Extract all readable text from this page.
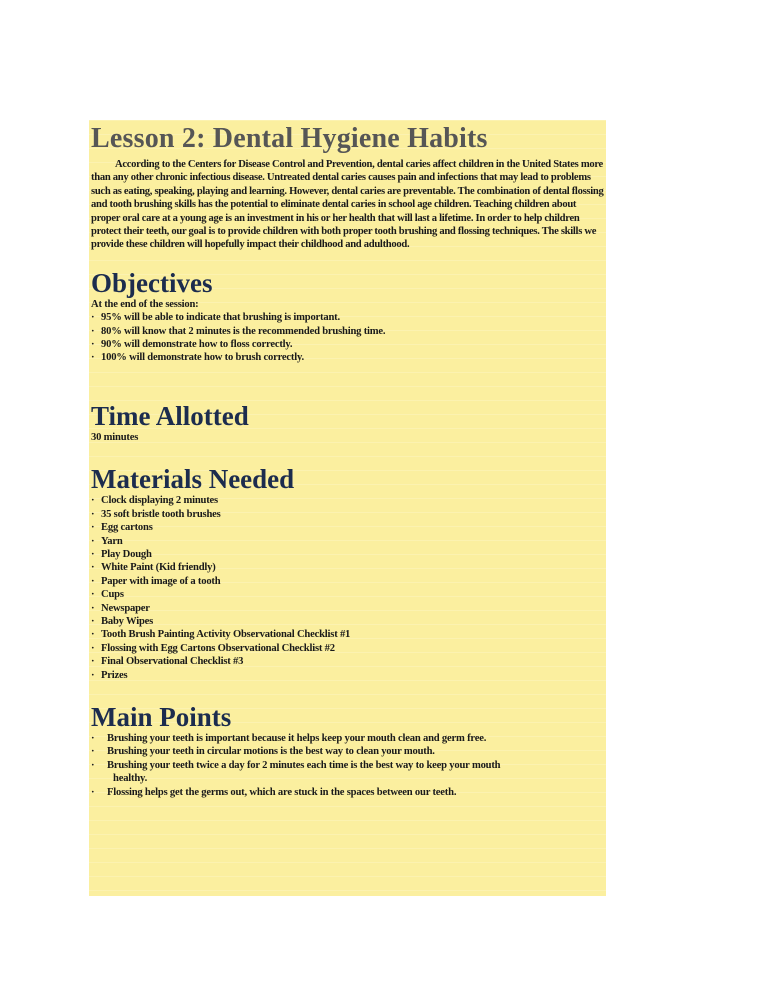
Lesson 2: Dental Hygiene Habits

According to the Centers for Disease Control and Prevention, dental caries affect children in the United States more than any other chronic infectious disease. Untreated dental caries causes pain and infections that may lead to problems such as eating, speaking, playing and learning. However, dental caries are preventable. The combination of dental flossing and tooth brushing skills has the potential to eliminate dental caries in school age children. Teaching children about proper oral care at a young age is an investment in his or her health that will last a lifetime. In order to help children protect their teeth, our goal is to provide children with both proper tooth brushing and flossing techniques. The skills we provide these children will hopefully impact their childhood and adulthood.

Objectives

At the end of the session:

· 95% will be able to indicate that brushing is important.
· 80% will know that 2 minutes is the recommended brushing time.
· 90% will demonstrate how to floss correctly.
· 100% will demonstrate how to brush correctly.
Time Allotted

30 minutes

Materials Needed
· Clock displaying 2 minutes
· 35 soft bristle tooth brushes
· Egg cartons
· Yarn
· Play Dough
· White Paint (Kid friendly)
· Paper with image of a tooth
· Cups
· Newspaper
· Baby Wipes
· Tooth Brush Painting Activity Observational Checklist #1
· Flossing with Egg Cartons Observational Checklist #2
· Final Observational Checklist #3
· Prizes
Main Points
· Brushing your teeth is important because it helps keep your mouth clean and germ free.
· Brushing your teeth in circular motions is the best way to clean your mouth.
· Brushing your teeth twice a day for 2 minutes each time is the best way to keep your mouth
healthy.
· Flossing helps get the germs out, which are stuck in the spaces between our teeth.
